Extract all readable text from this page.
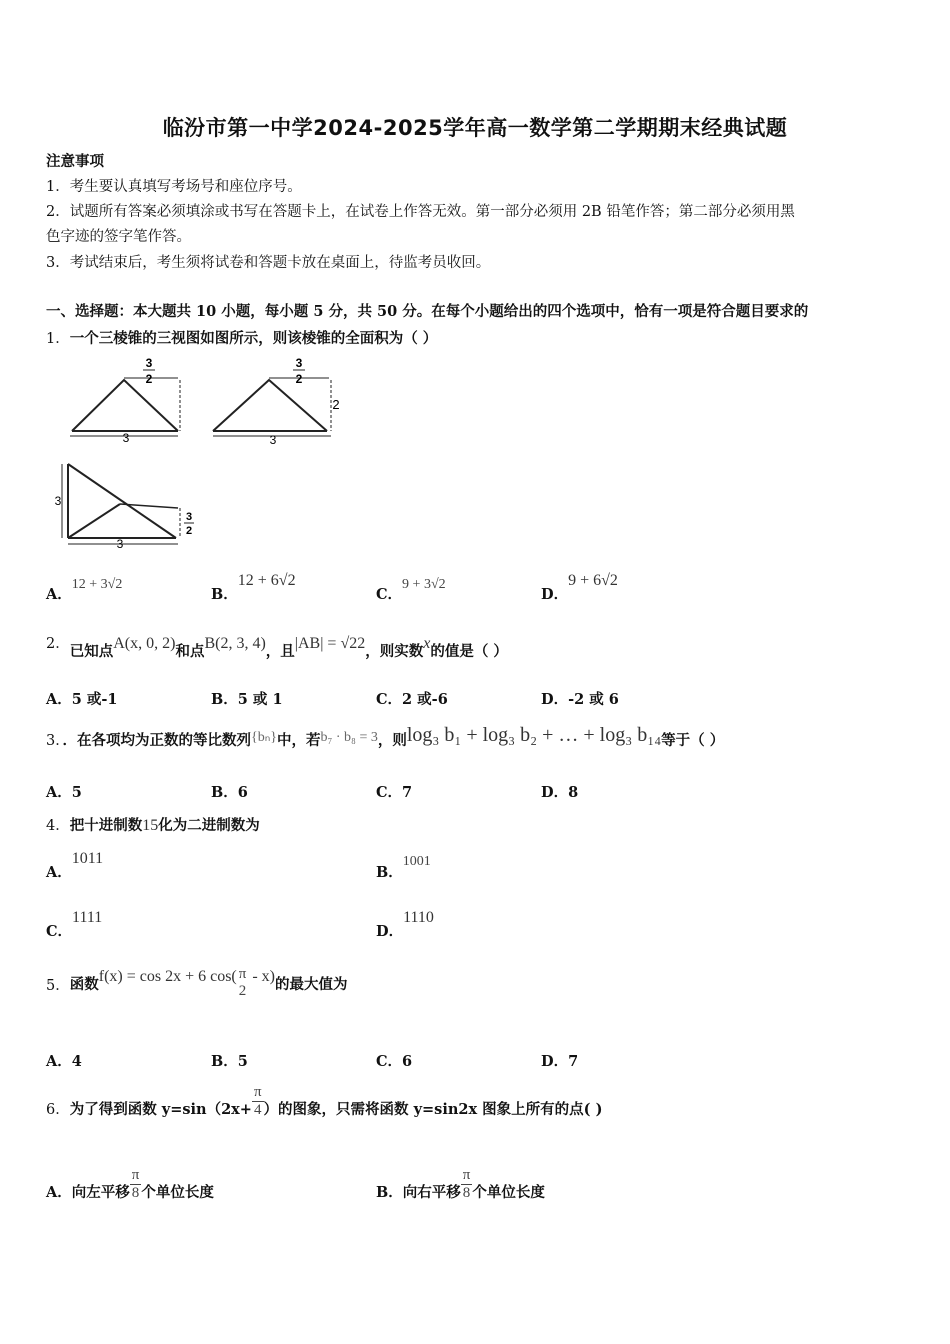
临汾市第一中学2024-2025学年高一数学第二学期期末经典试题
注意事项
1．考生要认真填写考场号和座位序号。
2．试题所有答案必须填涂或书写在答题卡上，在试卷上作答无效。第一部分必须用 2B 铅笔作答；第二部分必须用黑
色字迹的签字笔作答。
3．考试结束后，考生须将试卷和答题卡放在桌面上，待监考员收回。
一、选择题：本大题共 10 小题，每小题 5 分，共 50 分。在每个小题给出的四个选项中，恰有一项是符合题目要求的
1．一个三棱锥的三视图如图所示，则该棱锥的全面积为（ ）
3
2
3
3
2
2
3
3
3
2
3
A．12 + 3√2
B．12 + 6√2
C．9 + 3√2
D．9 + 6√2
2．已知点A(x, 0, 2)和点B(2, 3, 4)，且|AB| = √22，则实数x的值是（ ）
A．5 或-1	B．5 或 1	C．2 或-6	D．-2 或 6
3．．在各项均为正数的等比数列{bₙ}中，若b₇ · b₈ = 3，则log₃ b₁ + log₃ b₂ + … + log₃ b₁₄等于（ ）
A．5	B．6	C．7	D．8
4．把十进制数15化为二进制数为
A．1011
B．1001
C．1111
D．1110
5．函数f(x) = cos 2x + 6 cos( π
2
- x)的最大值为
A．4	B．5	C．6	D．7
6．为了得到函数 $y=\sin(2x+ \frac{\pi}{4}$ ）的图象，只需将函数 y=sin2x 图象上所有的点( )
A．向左平移 $\frac{\pi}{8}$ 个单位长度	B．向右平移 $\frac{\pi}{8}$ 个单位长度
